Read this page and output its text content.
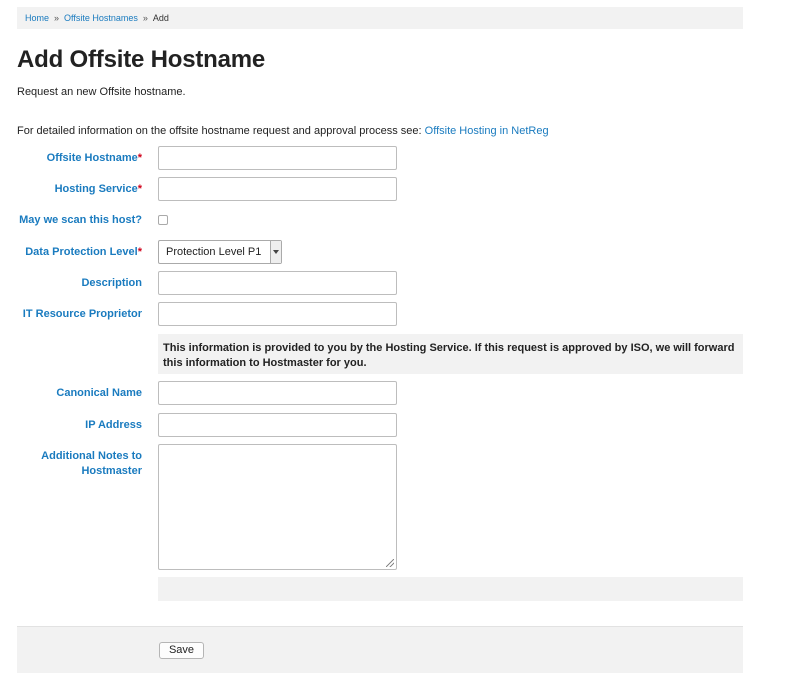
Home » Offsite Hostnames » Add
Add Offsite Hostname

Request an new Offsite hostname.

For detailed information on the offsite hostname request and approval process see: Offsite Hosting in NetReg

Offsite Hostname*
Hosting Service*
May we scan this host?
Data Protection Level*	Protection Level P1
Description
IT Resource Proprietor
This information is provided to you by the Hosting Service. If this request is approved by ISO, we will forward this information to Hostmaster for you.
Canonical Name
IP Address
Additional Notes to Hostmaster
Save
